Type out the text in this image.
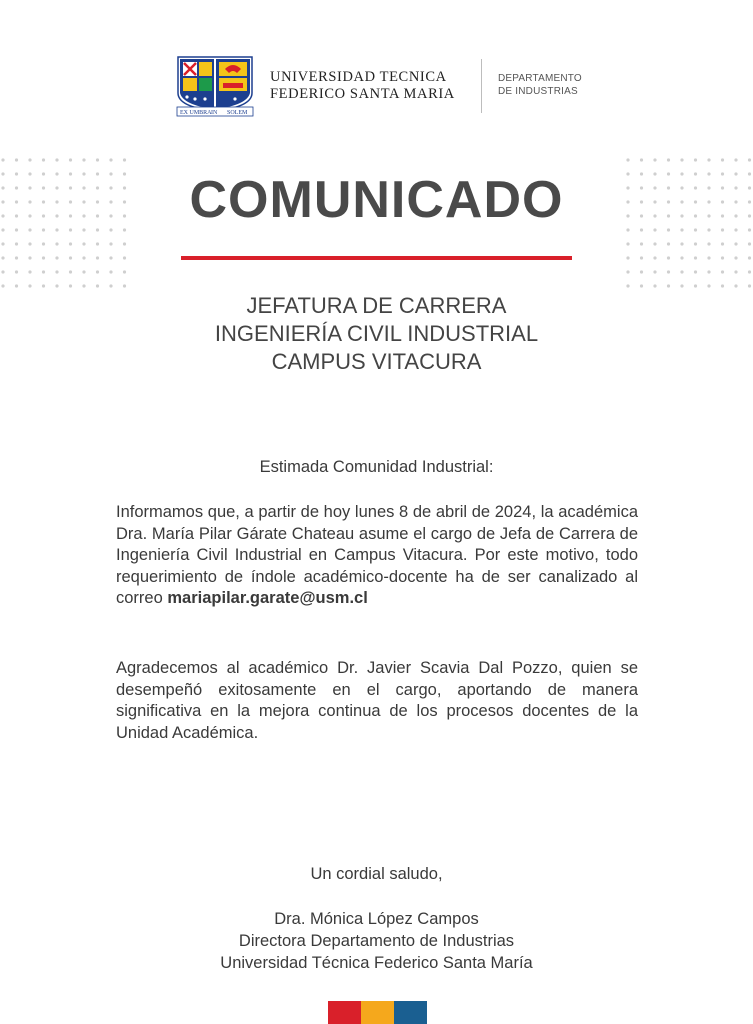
EX UMBRA IN SOLEM
UNIVERSIDAD TECNICA
FEDERICO SANTA MARIA
DEPARTAMENTO
DE INDUSTRIAS
COMUNICADO
JEFATURA DE CARRERA
INGENIERÍA CIVIL INDUSTRIAL
CAMPUS VITACURA
Estimada Comunidad Industrial:
Informamos que, a partir de hoy lunes 8 de abril de 2024, la académica Dra. María Pilar Gárate Chateau asume el cargo de Jefa de Carrera de Ingeniería Civil Industrial en Campus Vitacura. Por este motivo, todo requerimiento de índole académico-docente ha de ser canalizado al correo mariapilar.garate@usm.cl
Agradecemos al académico Dr. Javier Scavia Dal Pozzo, quien se desempeñó exitosamente en el cargo, aportando de manera significativa en la mejora continua de los procesos docentes de la Unidad Académica.
Un cordial saludo,
Dra. Mónica López Campos
Directora Departamento de Industrias
Universidad Técnica Federico Santa María
